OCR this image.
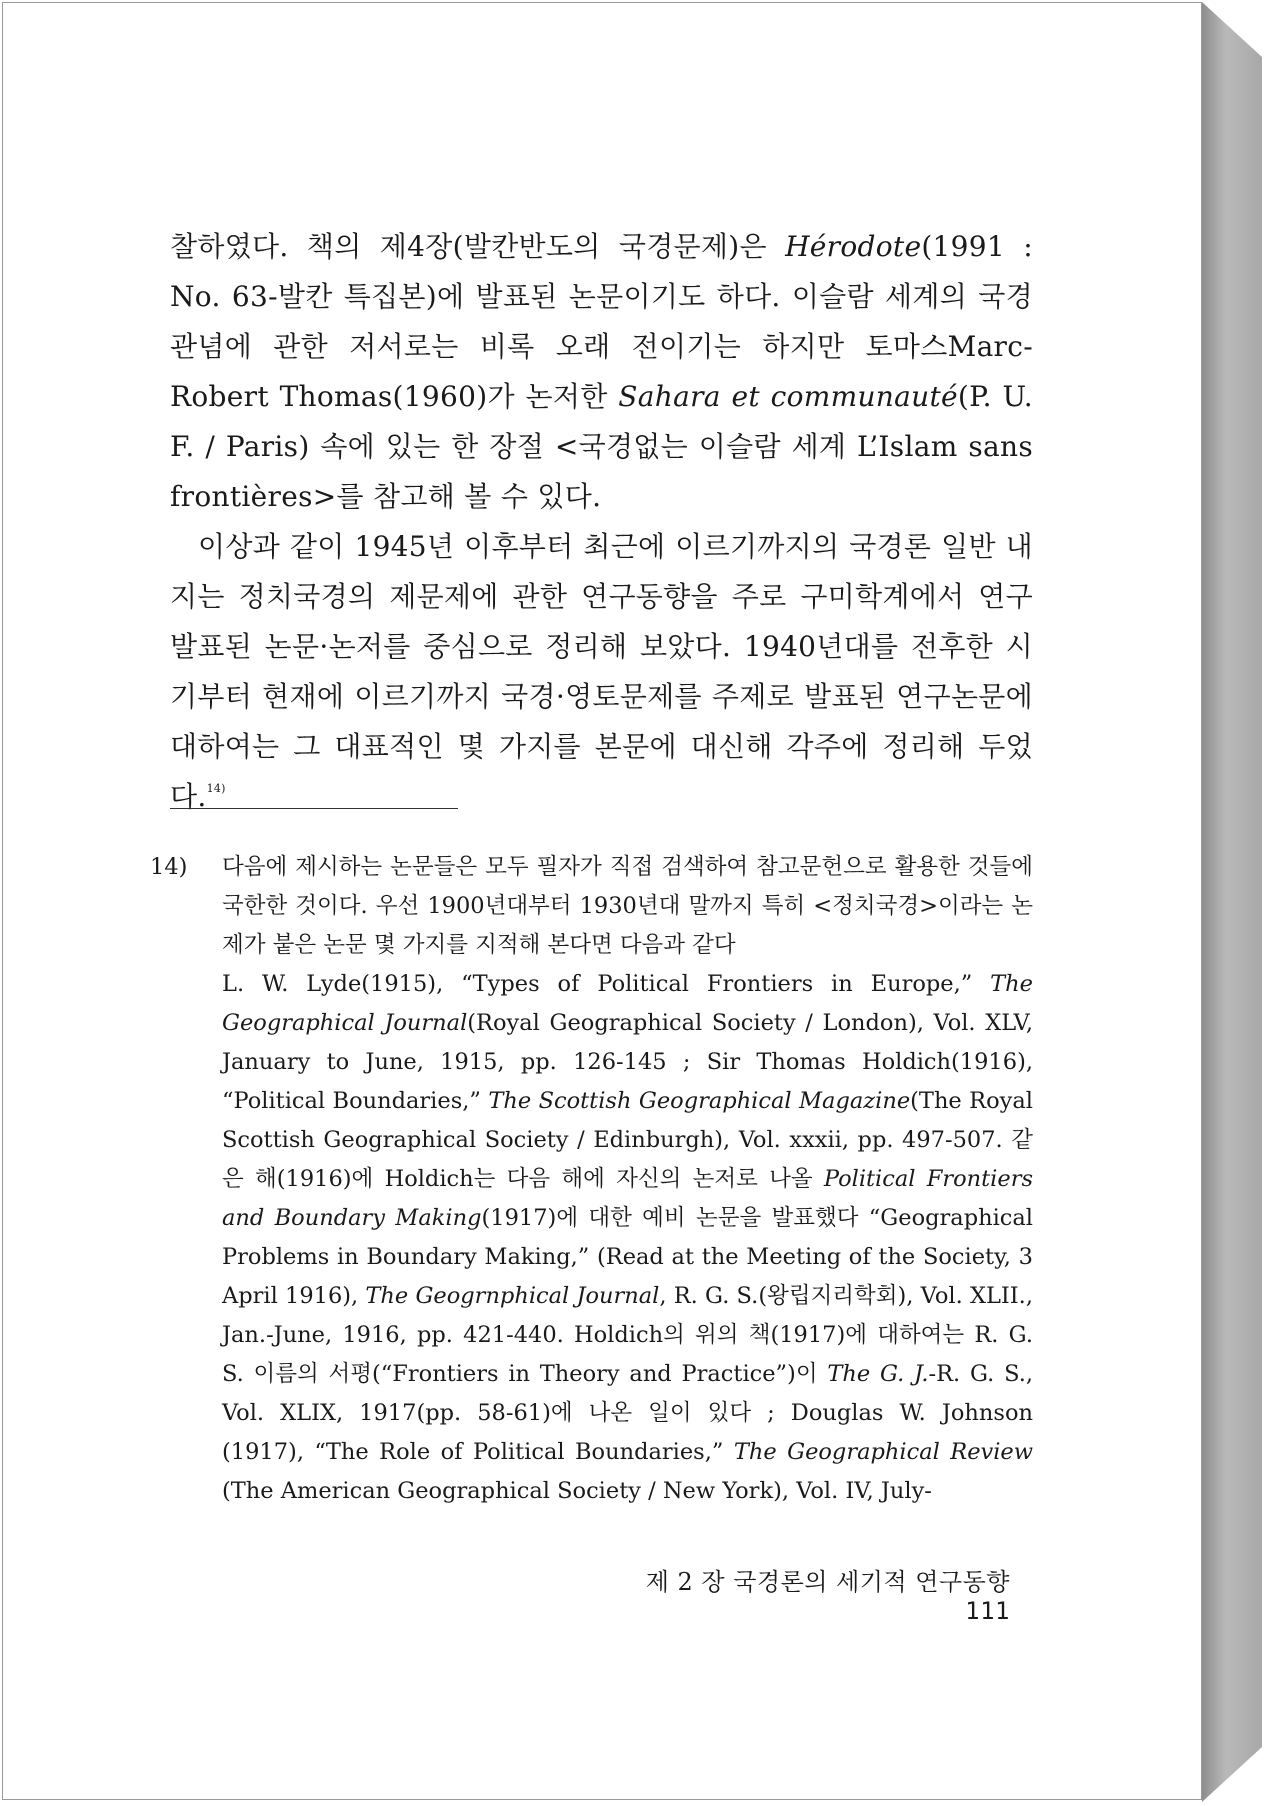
찰하였다. 책의 제4장(발칸반도의 국경문제)은 Hérodote(1991 : No. 63-발칸 특집본)에 발표된 논문이기도 하다. 이슬람 세계의 국경관념에 관한 저서로는 비록 오래 전이기는 하지만 토마스Marc-Robert Thomas(1960)가 논저한 Sahara et communauté(P. U. F. / Paris) 속에 있는 한 장절 <국경없는 이슬람 세계 L’Islam sans frontières>를 참고해 볼 수 있다.

이상과 같이 1945년 이후부터 최근에 이르기까지의 국경론 일반 내지는 정치국경의 제문제에 관한 연구동향을 주로 구미학계에서 연구 발표된 논문·논저를 중심으로 정리해 보았다. 1940년대를 전후한 시기부터 현재에 이르기까지 국경·영토문제를 주제로 발표된 연구논문에 대하여는 그 대표적인 몇 가지를 본문에 대신해 각주에 정리해 두었다.$^{14)}$

14) 다음에 제시하는 논문들은 모두 필자가 직접 검색하여 참고문헌으로 활용한 것들에 국한한 것이다. 우선 1900년대부터 1930년대 말까지 특히 <정치국경>이라는 논제가 붙은 논문 몇 가지를 지적해 본다면 다음과 같다

L. W. Lyde(1915), “Types of Political Frontiers in Europe,” The Geographical Journal(Royal Geographical Society / London), Vol. XLV, January to June, 1915, pp. 126-145 ; Sir Thomas Holdich(1916), “Political Boundaries,” The Scottish Geographical Magazine(The Royal Scottish Geographical Society / Edinburgh), Vol. xxxii, pp. 497-507. 같은 해(1916)에 Holdich는 다음 해에 자신의 논저로 나올 Political Frontiers and Boundary Making(1917)에 대한 예비 논문을 발표했다 “Geographical Problems in Boundary Making,” (Read at the Meeting of the Society, 3 April 1916), The Geogrnphical Journal, R. G. S.(왕립지리학회), Vol. XLII., Jan.-June, 1916, pp. 421-440. Holdich의 위의 책(1917)에 대하여는 R. G. S. 이름의 서평(“Frontiers in Theory and Practice”)이 The G. J.-R. G. S., Vol. XLIX, 1917(pp. 58-61)에 나온 일이 있다 ; Douglas W. Johnson (1917), “The Role of Political Boundaries,” The Geographical Review (The American Geographical Society / New York), Vol. IV, July-

제 2 장 국경론의 세기적 연구동향111
